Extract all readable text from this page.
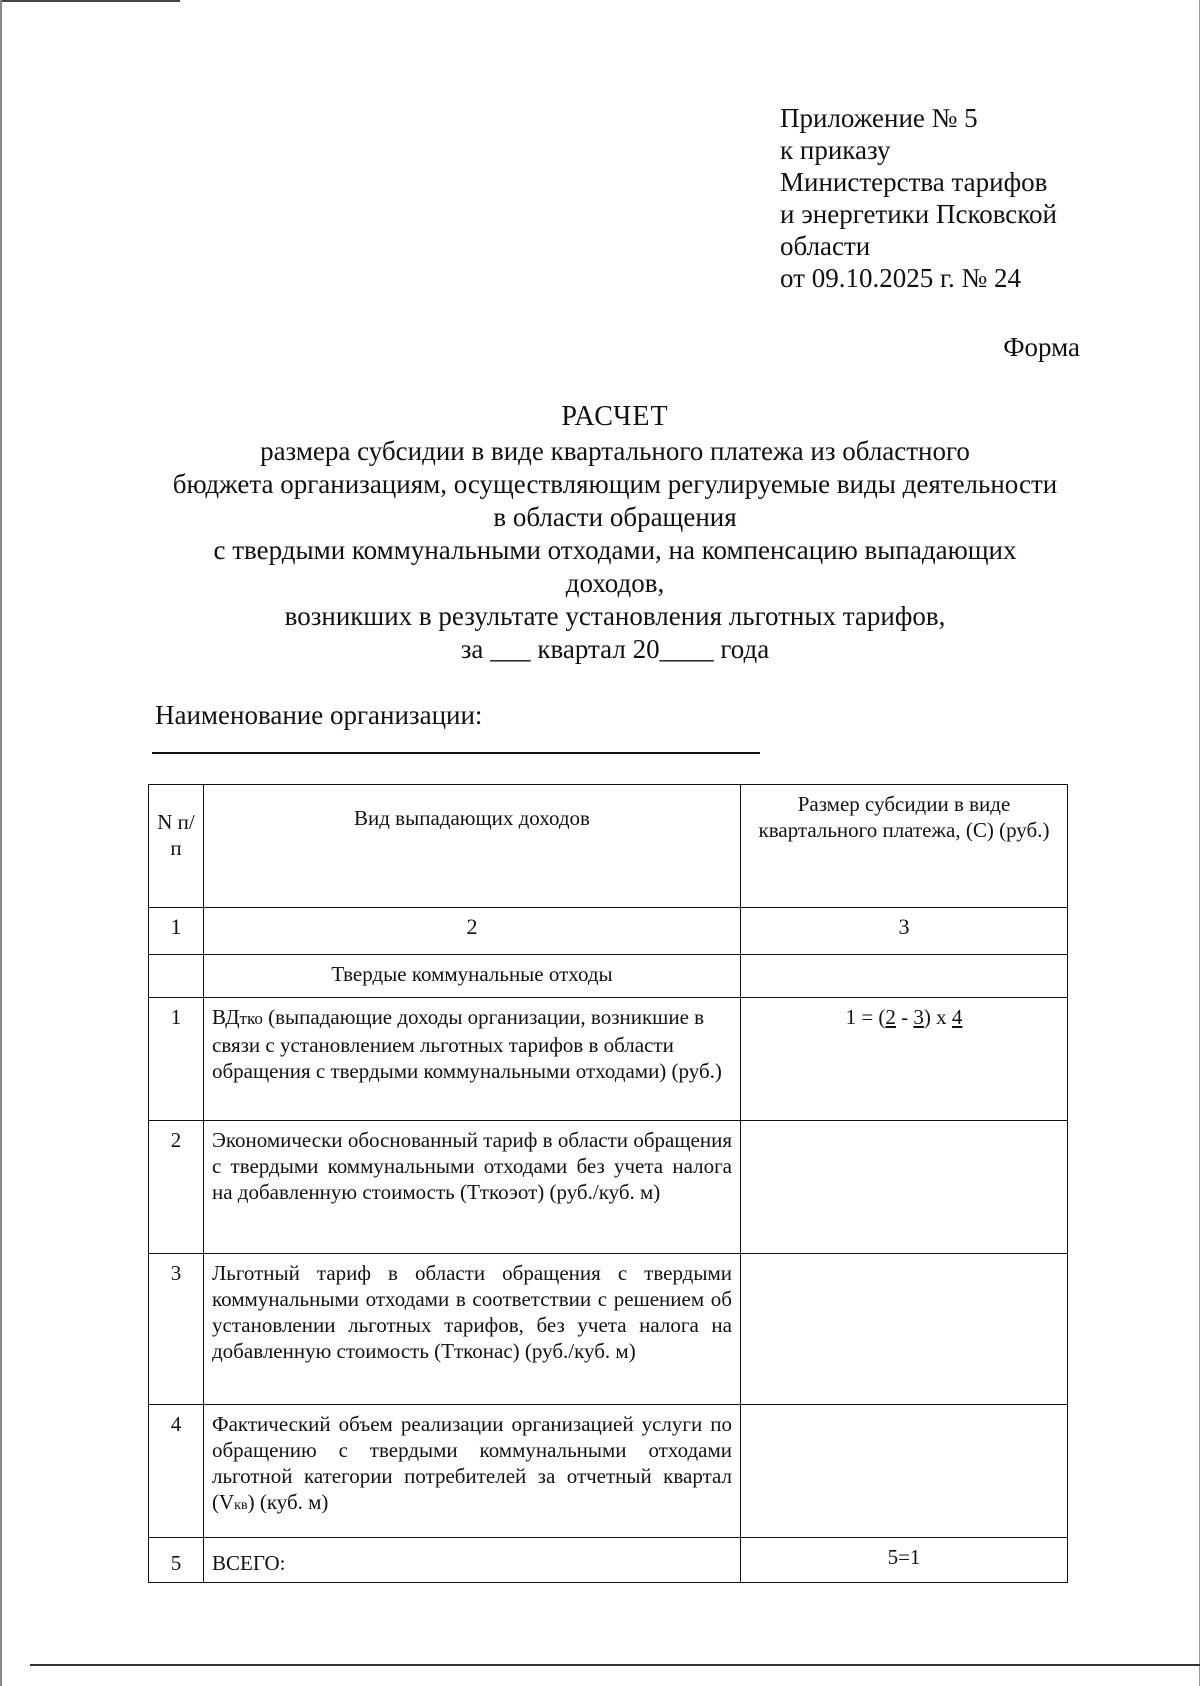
Приложение № 5
к приказу
Министерства тарифов
и энергетики Псковской
области
от 09.10.2025 г. № 24
Форма
РАСЧЕТ
размера субсидии в виде квартального платежа из областного
бюджета организациям, осуществляющим регулируемые виды деятельности
в области обращения
с твердыми коммунальными отходами, на компенсацию выпадающих
доходов,
возникших в результате установления льготных тарифов,
за ___ квартал 20____ года
Наименование организации:
N п/п	Вид выпадающих доходов	Размер субсидии в виде квартального платежа, (С) (руб.)
1	2	3
	Твердые коммунальные отходы	
1	ВДтко (выпадающие доходы организации, возникшие в связи с установлением льготных тарифов в области обращения с твердыми коммунальными отходами) (руб.)	1 = (2 - 3) х 4
2	Экономически обоснованный тариф в области обращения с твердыми коммунальными отходами без учета налога на добавленную стоимость (Тткоэот) (руб./куб. м)	
3	Льготный тариф в области обращения с твердыми коммунальными отходами в соответствии с решением об установлении льготных тарифов, без учета налога на добавленную стоимость (Ттконас) (руб./куб. м)	
4	Фактический объем реализации организацией услуги по обращению с твердыми коммунальными отходами льготной категории потребителей за отчетный квартал (Vкв) (куб. м)	
5	ВСЕГО:	5=1
